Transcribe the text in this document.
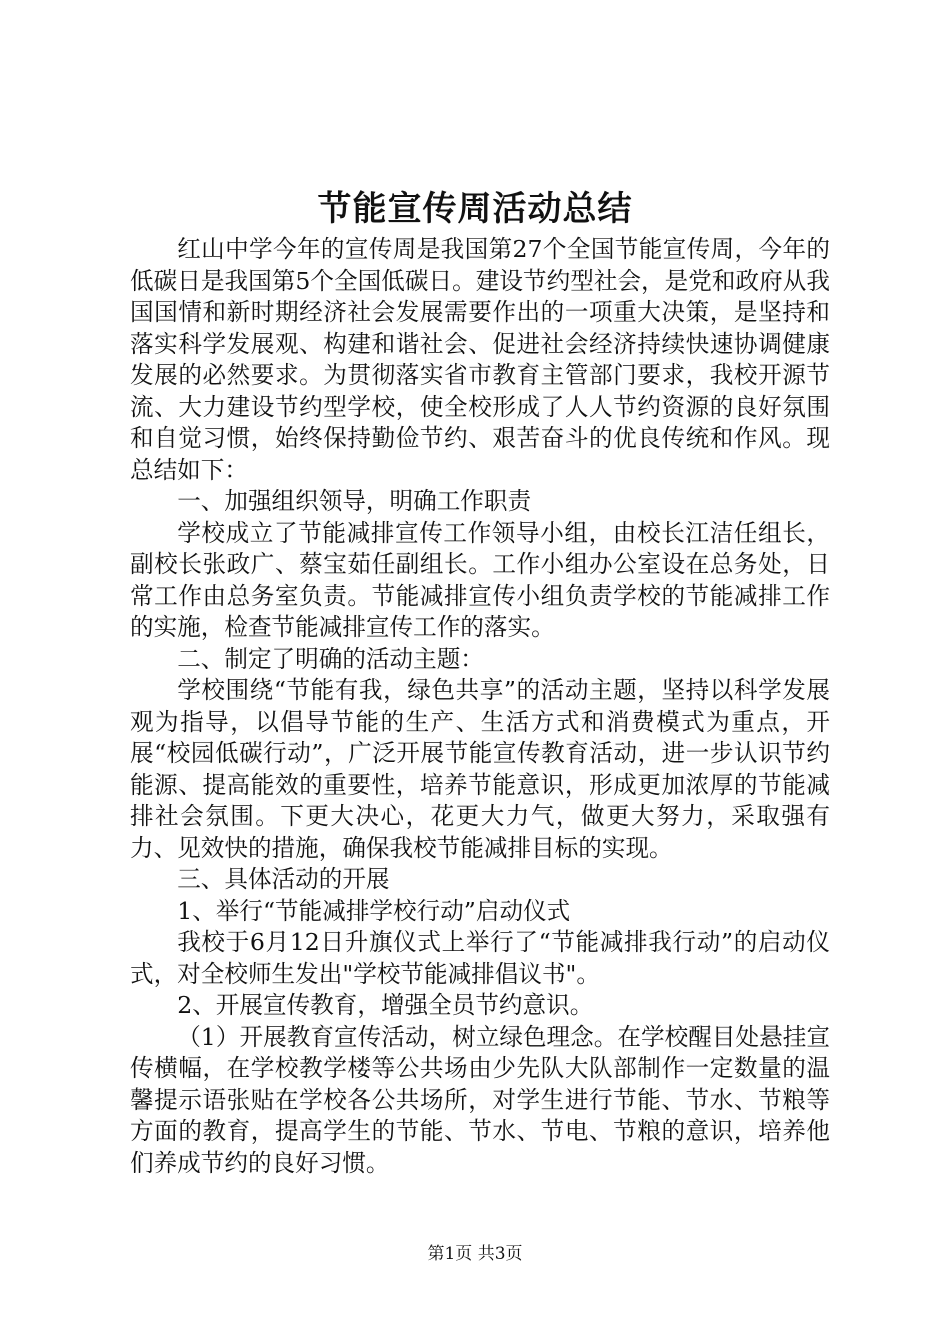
节能宣传周活动总结

红山中学今年的宣传周是我国第27个全国节能宣传周，今年的低碳日是我国第5个全国低碳日。建设节约型社会，是党和政府从我国国情和新时期经济社会发展需要作出的一项重大决策，是坚持和落实科学发展观、构建和谐社会、促进社会经济持续快速协调健康发展的必然要求。为贯彻落实省市教育主管部门要求，我校开源节流、大力建设节约型学校，使全校形成了人人节约资源的良好氛围和自觉习惯，始终保持勤俭节约、艰苦奋斗的优良传统和作风。现总结如下：

一、加强组织领导，明确工作职责

学校成立了节能减排宣传工作领导小组，由校长江洁任组长，副校长张政广、蔡宝茹任副组长。工作小组办公室设在总务处，日常工作由总务室负责。节能减排宣传小组负责学校的节能减排工作的实施，检查节能减排宣传工作的落实。

二、制定了明确的活动主题：

学校围绕“节能有我，绿色共享”的活动主题，坚持以科学发展观为指导，以倡导节能的生产、生活方式和消费模式为重点，开展“校园低碳行动”，广泛开展节能宣传教育活动，进一步认识节约能源、提高能效的重要性，培养节能意识，形成更加浓厚的节能减排社会氛围。下更大决心，花更大力气，做更大努力，采取强有力、见效快的措施，确保我校节能减排目标的实现。

三、具体活动的开展

1、举行“节能减排学校行动”启动仪式

我校于6月12日升旗仪式上举行了“节能减排我行动”的启动仪式，对全校师生发出"学校节能减排倡议书"。

2、开展宣传教育，增强全员节约意识。

（1）开展教育宣传活动，树立绿色理念。在学校醒目处悬挂宣传横幅，在学校教学楼等公共场由少先队大队部制作一定数量的温馨提示语张贴在学校各公共场所，对学生进行节能、节水、节粮等方面的教育，提高学生的节能、节水、节电、节粮的意识，培养他们养成节约的良好习惯。

第1页 共3页
